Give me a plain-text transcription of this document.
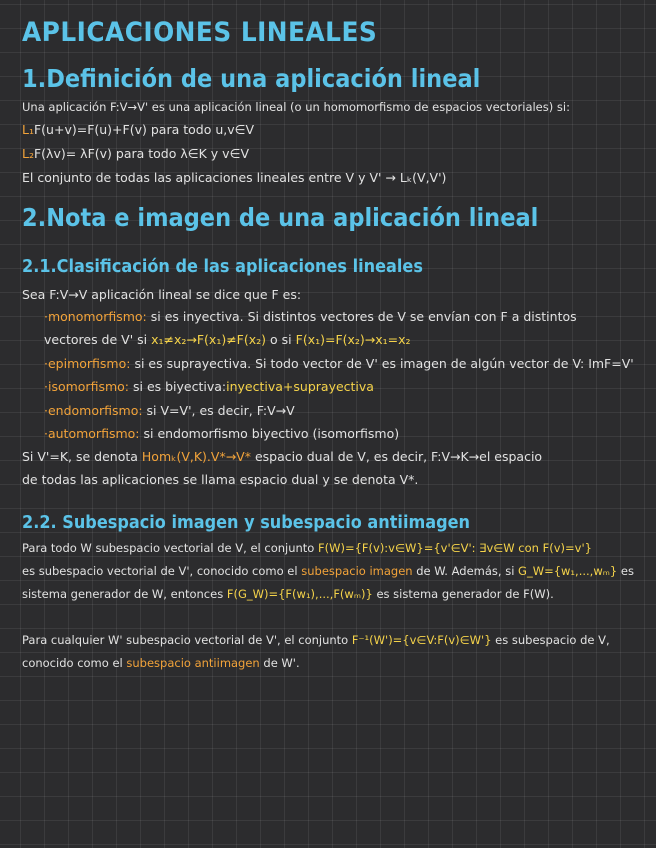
APLICACIONES LINEALES
1.Definición de una aplicación lineal
Una aplicación F:V→V' es una aplicación lineal (o un homomorfismo de espacios vectoriales) si:
L₁F(u+v)=F(u)+F(v) para todo u,v∈V
L₂F(λv)= λF(v) para todo λ∈K y v∈V
El conjunto de todas las aplicaciones lineales entre V y V' → Lₖ(V,V')
2.Nota e imagen de una aplicación lineal
2.1.Clasificación de las aplicaciones lineales
Sea F:V→V aplicación lineal se dice que F es:
·monomorfismo: si es inyectiva. Si distintos vectores de V se envían con F a distintos
vectores de V' si x₁≠x₂→F(x₁)≠F(x₂) o si F(x₁)=F(x₂)→x₁=x₂
·epimorfismo: si es suprayectiva. Si todo vector de V' es imagen de algún vector de V: ImF=V'
·isomorfismo: si es biyectiva:inyectiva+suprayectiva
·endomorfismo: si V=V', es decir, F:V→V
·automorfismo: si endomorfismo biyectivo (isomorfismo)
Si V'=K, se denota Homₖ(V,K).V*→V* espacio dual de V, es decir, F:V→K→el espacio
de todas las aplicaciones se llama espacio dual y se denota V*.
2.2. Subespacio imagen y subespacio antiimagen
Para todo W subespacio vectorial de V, el conjunto F(W)={F(v):v∈W}={v'∈V': ∃v∈W con F(v)=v'}
es subespacio vectorial de V', conocido como el subespacio imagen de W. Además, si G_W={w₁,...,wₘ} es
sistema generador de W, entonces F(G_W)={F(w₁),...,F(wₘ)} es sistema generador de F(W).
Para cualquier W' subespacio vectorial de V', el conjunto F⁻¹(W')={v∈V:F(v)∈W'} es subespacio de V,
conocido como el subespacio antiimagen de W'.
